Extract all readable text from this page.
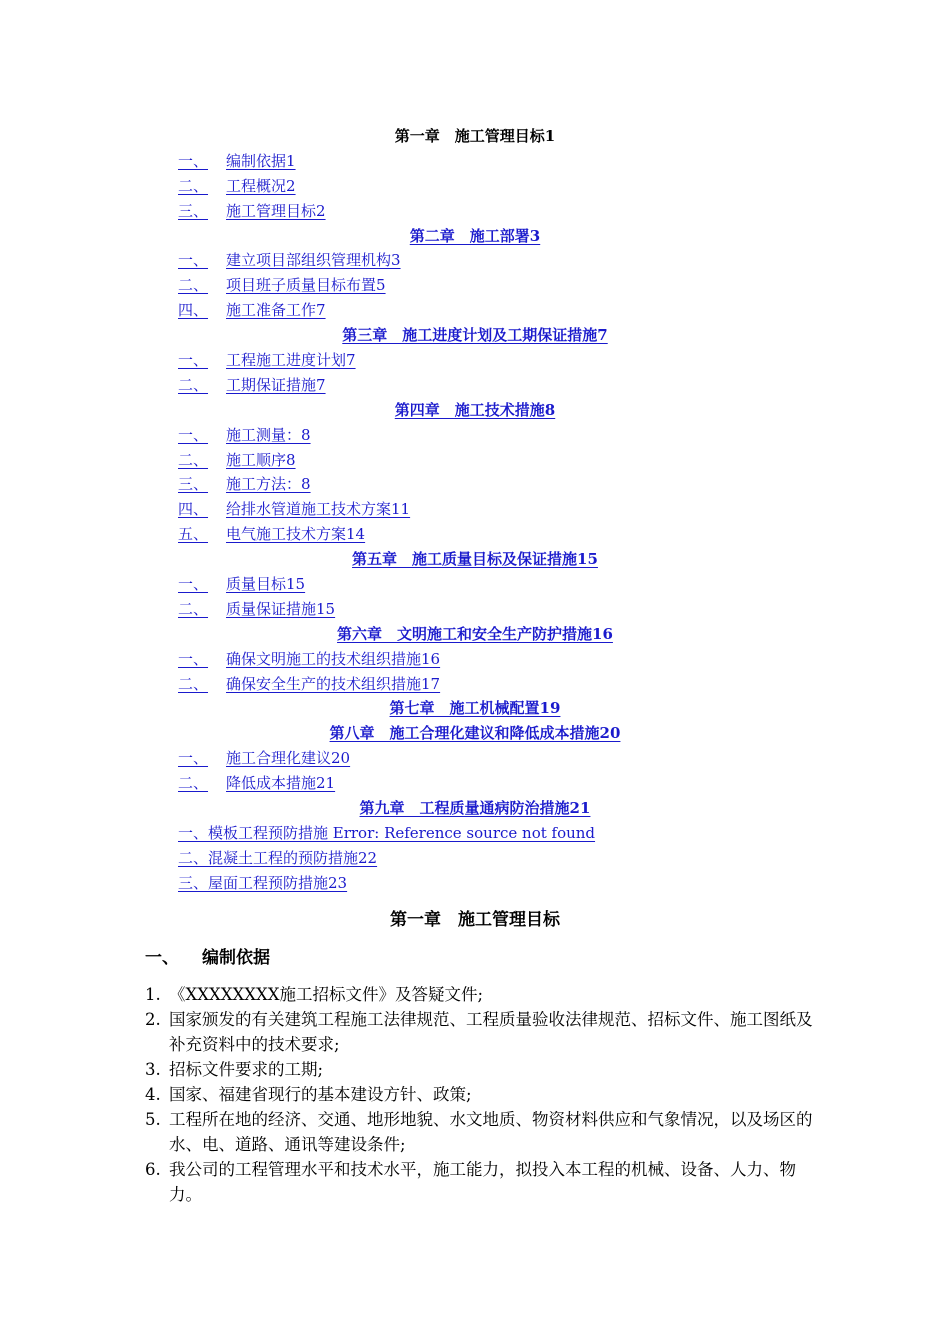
第一章　施工管理目标1
一、 编制依据1
二、 工程概况2
三、 施工管理目标2
第二章　施工部署3
一、 建立项目部组织管理机构3
二、 项目班子质量目标布置5
四、 施工准备工作7
第三章　施工进度计划及工期保证措施7
一、 工程施工进度计划7
二、 工期保证措施7
第四章　施工技术措施8
一、 施工测量：8
二、 施工顺序8
三、 施工方法：8
四、 给排水管道施工技术方案11
五、 电气施工技术方案14
第五章　施工质量目标及保证措施15
一、 质量目标15
二、 质量保证措施15
第六章　文明施工和安全生产防护措施16
一、 确保文明施工的技术组织措施16
二、 确保安全生产的技术组织措施17
第七章　施工机械配置19
第八章　施工合理化建议和降低成本措施20
一、 施工合理化建议20
二、 降低成本措施21
第九章　工程质量通病防治措施21
一、模板工程预防措施 Error: Reference source not found
二、混凝土工程的预防措施22
三、屋面工程预防措施23
第一章　施工管理目标
一、 编制依据
1. 《XXXXXXXX施工招标文件》及答疑文件;
2. 国家颁发的有关建筑工程施工法律规范、工程质量验收法律规范、招标文件、施工图纸及补充资料中的技术要求;
3. 招标文件要求的工期;
4. 国家、福建省现行的基本建设方针、政策;
5. 工程所在地的经济、交通、地形地貌、水文地质、物资材料供应和气象情况，以及场区的水、电、道路、通讯等建设条件;
6. 我公司的工程管理水平和技术水平，施工能力，拟投入本工程的机械、设备、人力、物力。
